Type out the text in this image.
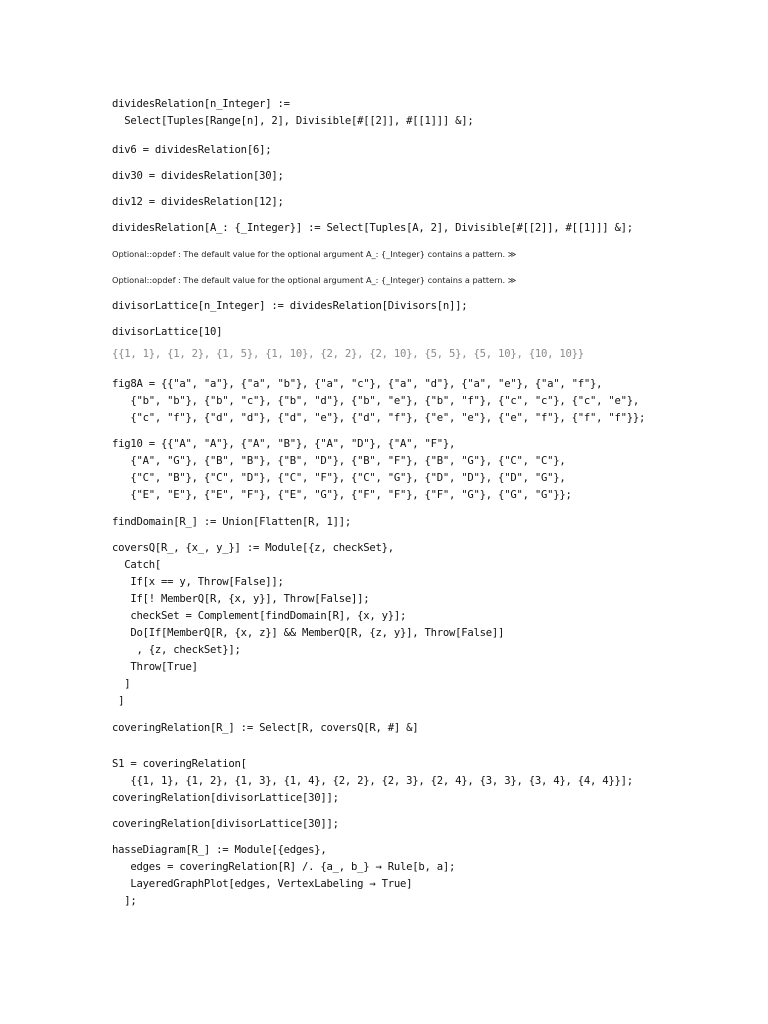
dividesRelation[n_Integer] :=
Select[Tuples[Range[n], 2], Divisible[#[[2]], #[[1]]] &];
div6 = dividesRelation[6];
div30 = dividesRelation[30];
div12 = dividesRelation[12];
dividesRelation[A_: {_Integer}] := Select[Tuples[A, 2], Divisible[#[[2]], #[[1]]] &];
Optional::opdef : The default value for the optional argument A_: {_Integer} contains a pattern. ≫
Optional::opdef : The default value for the optional argument A_: {_Integer} contains a pattern. ≫
divisorLattice[n_Integer] := dividesRelation[Divisors[n]];
divisorLattice[10]
{{1, 1}, {1, 2}, {1, 5}, {1, 10}, {2, 2}, {2, 10}, {5, 5}, {5, 10}, {10, 10}}
fig8A = {{"a", "a"}, {"a", "b"}, {"a", "c"}, {"a", "d"}, {"a", "e"}, {"a", "f"},
{"b", "b"}, {"b", "c"}, {"b", "d"}, {"b", "e"}, {"b", "f"}, {"c", "c"}, {"c", "e"},
{"c", "f"}, {"d", "d"}, {"d", "e"}, {"d", "f"}, {"e", "e"}, {"e", "f"}, {"f", "f"}};
fig10 = {{"A", "A"}, {"A", "B"}, {"A", "D"}, {"A", "F"},
{"A", "G"}, {"B", "B"}, {"B", "D"}, {"B", "F"}, {"B", "G"}, {"C", "C"},
{"C", "B"}, {"C", "D"}, {"C", "F"}, {"C", "G"}, {"D", "D"}, {"D", "G"},
{"E", "E"}, {"E", "F"}, {"E", "G"}, {"F", "F"}, {"F", "G"}, {"G", "G"}};
findDomain[R_] := Union[Flatten[R, 1]];
coversQ[R_, {x_, y_}] := Module[{z, checkSet},
Catch[
If[x == y, Throw[False]];
If[! MemberQ[R, {x, y}], Throw[False]];
checkSet = Complement[findDomain[R], {x, y}];
Do[If[MemberQ[R, {x, z}] && MemberQ[R, {z, y}], Throw[False]]
, {z, checkSet}];
Throw[True]
]
]
coveringRelation[R_] := Select[R, coversQ[R, #] &]
S1 = coveringRelation[
{{1, 1}, {1, 2}, {1, 3}, {1, 4}, {2, 2}, {2, 3}, {2, 4}, {3, 3}, {3, 4}, {4, 4}}];
coveringRelation[divisorLattice[30]];
coveringRelation[divisorLattice[30]];
hasseDiagram[R_] := Module[{edges},
edges = coveringRelation[R] /. {a_, b_} → Rule[b, a];
LayeredGraphPlot[edges, VertexLabeling → True]
];
